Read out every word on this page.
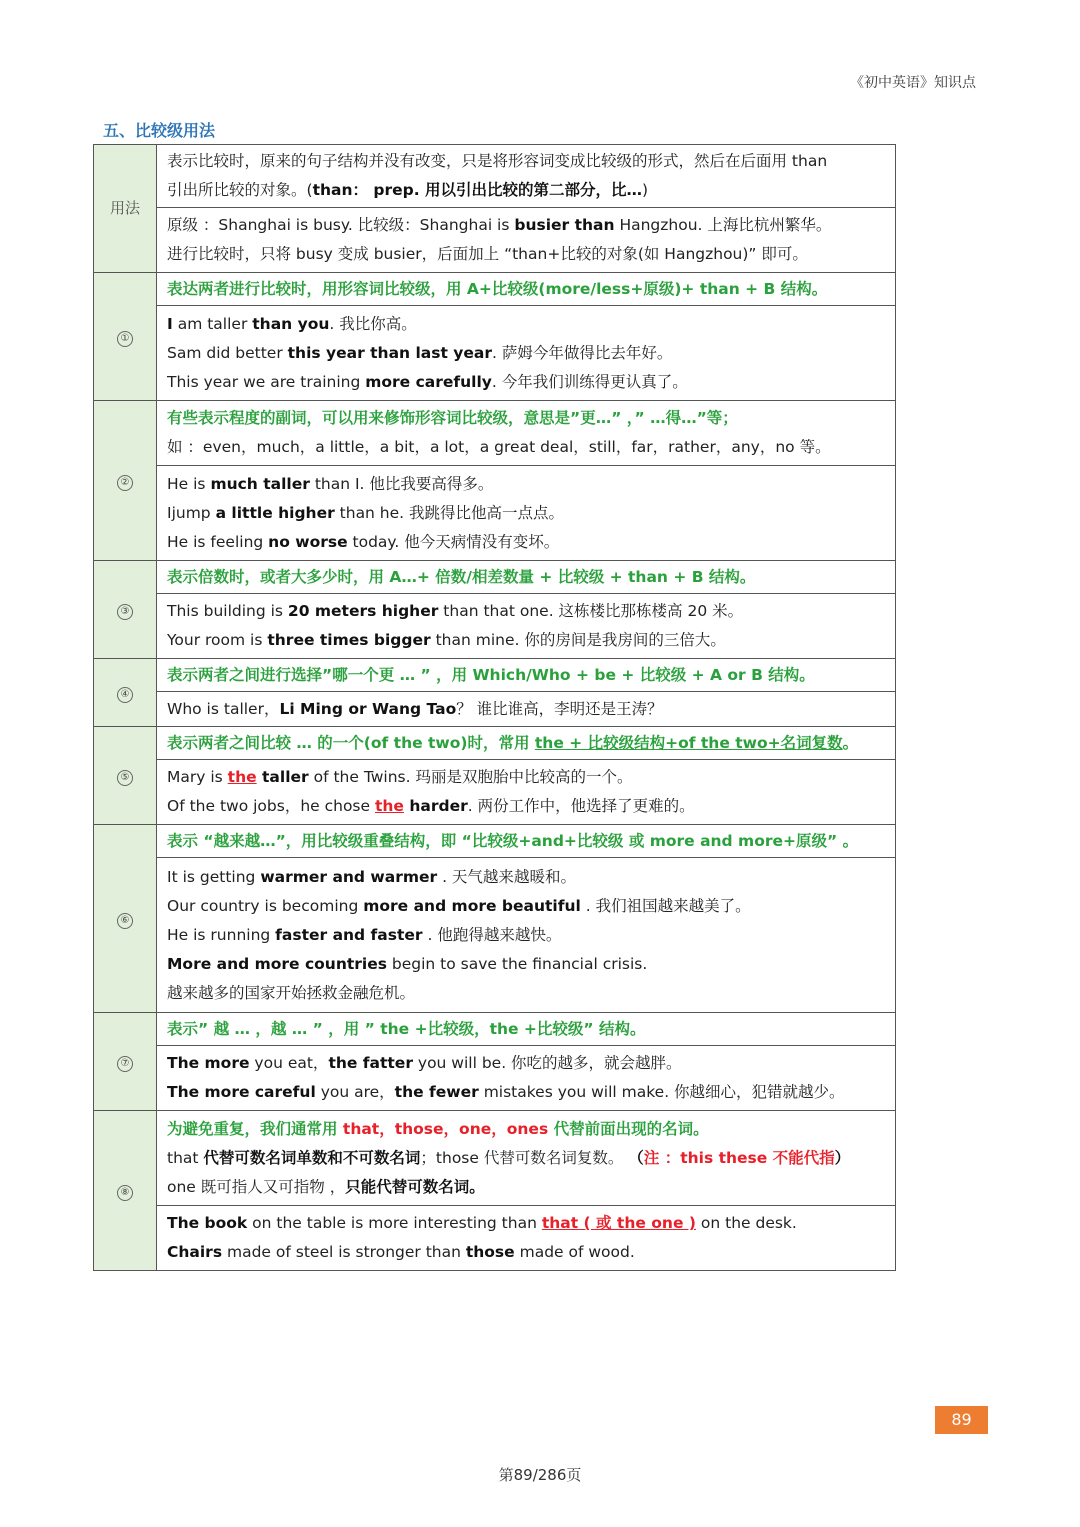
《初中英语》知识点
五、比较级用法
用法	表示比较时，原来的句子结构并没有改变，只是将形容词变成比较级的形式，然后在后面用 than
引出所比较的对象。(than： prep. 用以引出比较的第二部分，比…)

	原级 ：Shanghai is busy. 比较级：Shanghai is busier than Hangzhou. 上海比杭州繁华。
进行比较时，只将 busy 变成 busier，后面加上 “than+比较的对象(如 Hangzhou)” 即可。

①	表达两者进行比较时，用形容词比较级，用 A+比较级(more/less+原级)+ than + B 结构。

	I am taller than you. 我比你高。
Sam did better this year than last year. 萨姆今年做得比去年好。
This year we are training more carefully. 今年我们训练得更认真了。

②	有些表示程度的副词，可以用来修饰形容词比较级，意思是”更…” ，” …得…”等；
如 ：even，much，a little，a bit，a lot，a great deal，still，far，rather，any，no 等。

	He is much taller than I. 他比我要高得多。
Ijump a little higher than he. 我跳得比他高一点点。
He is feeling no worse today. 他今天病情没有变坏。

③	表示倍数时，或者大多少时，用 A…+ 倍数/相差数量 + 比较级 + than + B 结构。

	This building is 20 meters higher than that one. 这栋楼比那栋楼高 20 米。
Your room is three times bigger than mine. 你的房间是我房间的三倍大。

④	表示两者之间进行选择”哪一个更 … ” ，用 Which/Who + be + 比较级 + A or B 结构。

	Who is taller，Li Ming or Wang Tao？ 谁比谁高，李明还是王涛？

⑤	表示两者之间比较 … 的一个(of the two)时，常用 the + 比较级结构+of the two+名词复数。

	Mary is the taller of the Twins. 玛丽是双胞胎中比较高的一个。
Of the two jobs，he chose the harder. 两份工作中，他选择了更难的。

⑥	表示 “越来越…”，用比较级重叠结构，即 “比较级+and+比较级 或 more and more+原级” 。

	It is getting warmer and warmer . 天气越来越暖和。
Our country is becoming more and more beautiful . 我们祖国越来越美了。
He is running faster and faster . 他跑得越来越快。
More and more countries begin to save the financial crisis.
越来越多的国家开始拯救金融危机。

⑦	表示” 越 … ，越 … ” ，用 ” the +比较级，the +比较级” 结构。

	The more you eat，the fatter you will be. 你吃的越多，就会越胖。
The more careful you are，the fewer mistakes you will make. 你越细心，犯错就越少。

⑧	为避免重复，我们通常用 that，those，one，ones 代替前面出现的名词。
that 代替可数名词单数和不可数名词；those 代替可数名词复数。 （注 ：this these 不能代指）
one 既可指人又可指物 ，只能代替可数名词。

	The book on the table is more interesting than that ( 或 the one ) on the desk.
Chairs made of steel is stronger than those made of wood.
89
第89/286页
